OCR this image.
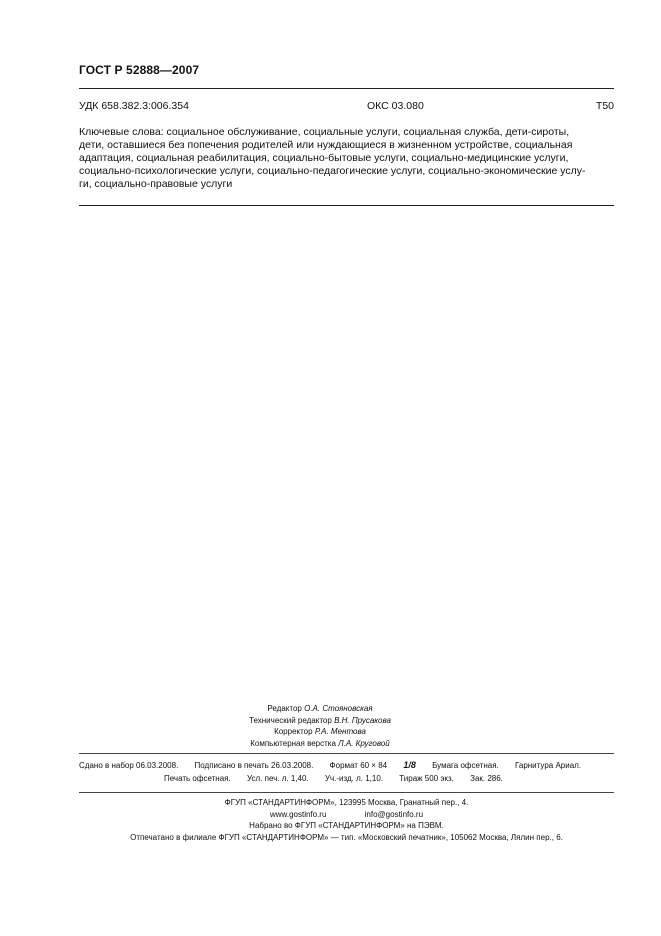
ГОСТ Р 52888—2007
УДК 658.382.3:006.354	ОКС 03.080	Т50
Ключевые слова: социальное обслуживание, социальные услуги, социальная служба, дети-сироты,
дети, оставшиеся без попечения родителей или нуждающиеся в жизненном устройстве, социальная
адаптация, социальная реабилитация, социально-бытовые услуги, социально-медицинские услуги,
социально-психологические услуги, социально-педагогические услуги, социально-экономические услу-
ги, социально-правовые услуги
Редактор О.А. Стояновская
Технический редактор В.Н. Прусакова
Корректор Р.А. Ментова
Компьютерная верстка Л.А. Круговой
Сдано в набор 06.03.2008. Подписано в печать 26.03.2008. Формат 60 × 84 1/8 Бумага офсетная. Гарнитура Ариал.
Печать офсетная. Усл. печ. л. 1,40. Уч.-изд. л. 1,10. Тираж 500 экз. Зак. 286.
ФГУП «СТАНДАРТИНФОРМ», 123995 Москва, Гранатный пер., 4.
www.gostinfo.ru	info@gostinfo.ru
Набрано во ФГУП «СТАНДАРТИНФОРМ» на ПЭВМ.
Отпечатано в филиале ФГУП «СТАНДАРТИНФОРМ» — тип. «Московский печатник», 105062 Москва, Лялин пер., 6.
